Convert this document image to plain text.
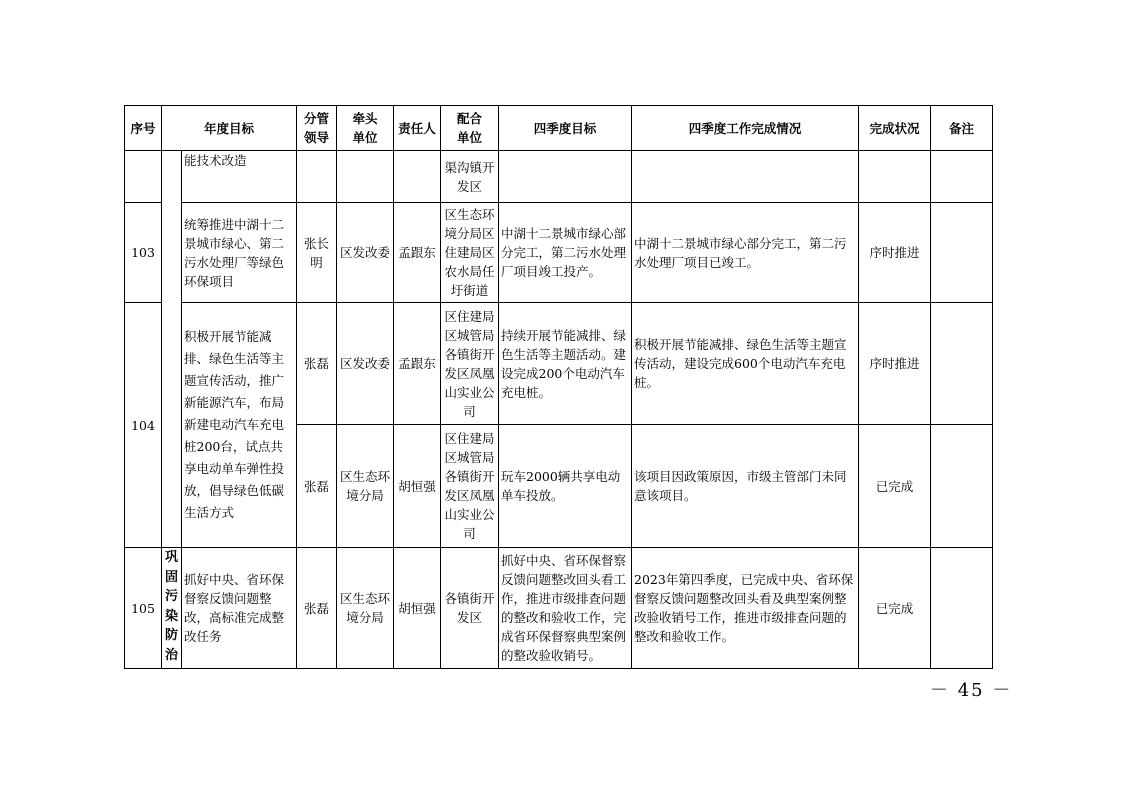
序号	年度目标		分管领导	牵头单位	责任人	配合单位	四季度目标	四季度工作完成情况	完成状况	备注
		能技术改造				渠沟镇开发区				
103		统筹推进中湖十二景城市绿心、第二污水处理厂等绿色环保项目	张长明	区发改委	孟跟东	区生态环境分局区住建局区农水局任圩街道	中湖十二景城市绿心部分完工，第二污水处理厂项目竣工投产。	中湖十二景城市绿心部分完工，第二污水处理厂项目已竣工。	序时推进	
104		积极开展节能减排、绿色生活等主题宣传活动，推广新能源汽车，布局新建电动汽车充电桩200台，试点共享电动单车弹性投放，倡导绿色低碳生活方式	张磊	区发改委	孟跟东	区住建局区城管局各镇街开发区凤凰山实业公司	持续开展节能减排、绿色生活等主题活动。建设完成200个电动汽车充电桩。	积极开展节能减排、绿色生活等主题宣传活动，建设完成600个电动汽车充电桩。	序时推进	
			张磊	区生态环境分局	胡恒强	区住建局区城管局各镇街开发区凤凰山实业公司	玩车2000辆共享电动单车投放。	该项目因政策原因，市级主管部门未同意该项目。	已完成	
105	巩固污染防治	抓好中央、省环保督察反馈问题整改，高标准完成整改任务	张磊	区生态环境分局	胡恒强	各镇街开发区	抓好中央、省环保督察反馈问题整改回头看工作，推进市级排查问题的整改和验收工作，完成省环保督察典型案例的整改验收销号。	2023年第四季度，已完成中央、省环保督察反馈问题整改回头看及典型案例整改验收销号工作，推进市级排查问题的整改和验收工作。	已完成	
－ 45 －
